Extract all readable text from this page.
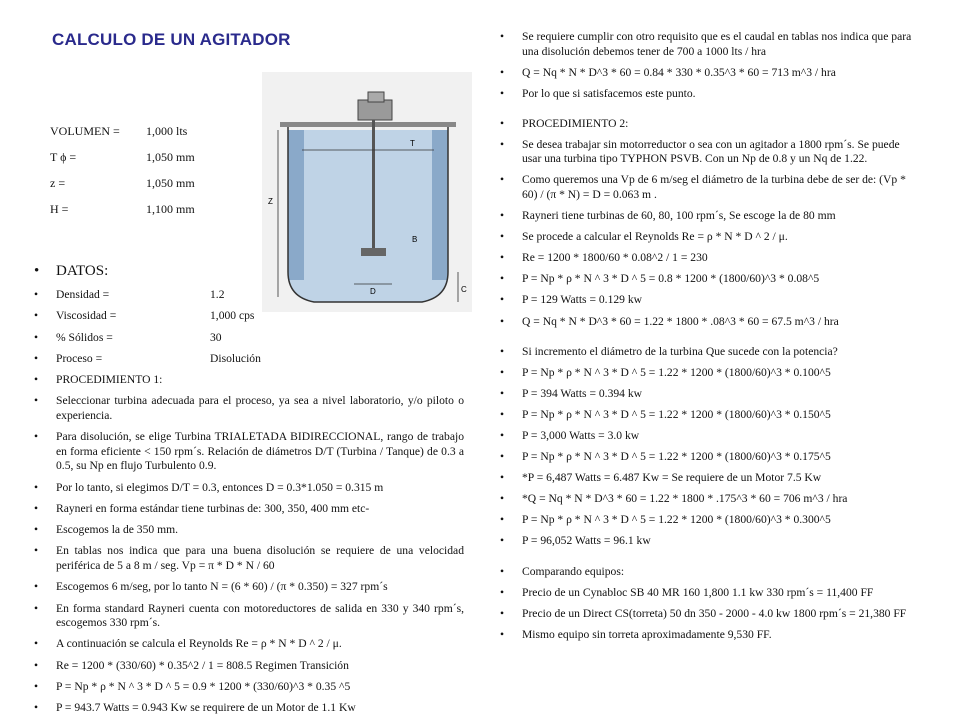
CALCULO DE UN AGITADOR
VOLUMEN =	1,000 lts
T ϕ =	1,050 mm
z =	1,050 mm
H =	1,100 mm
T
Z
B
D	C
• DATOS:
• Densidad =	1.2
• Viscosidad =	1,000 cps
• % Sólidos =	30
• Proceso =	Disolución
• PROCEDIMIENTO 1:
• Seleccionar turbina adecuada para el proceso, ya sea a nivel laboratorio, y/o piloto o experiencia.
• Para disolución, se elige Turbina TRIALETADA BIDIRECCIONAL, rango de trabajo en forma eficiente < 150 rpm´s. Relación de diámetros D/T (Turbina / Tanque) de 0.3 a 0.5, su Np en flujo Turbulento 0.9.
• Por lo tanto, si elegimos D/T = 0.3, entonces D = 0.3*1.050 = 0.315 m
• Rayneri en forma estándar tiene turbinas de: 300, 350, 400 mm etc-
• Escogemos la de 350 mm.
• En tablas nos indica que para una buena disolución se requiere de una velocidad periférica de 5 a 8 m / seg. Vp = π * D * N / 60
• Escogemos 6 m/seg, por lo tanto N = (6 * 60) / (π * 0.350) = 327 rpm´s
• En forma standard Rayneri cuenta con motoreductores de salida en 330 y 340 rpm´s, escogemos 330 rpm´s.
• A continuación se calcula el Reynolds Re = ρ * N * D ^ 2 / μ.
• Re = 1200 * (330/60) * 0.35^2 / 1 = 808.5 Regimen Transición
• P = Np * ρ * N ^ 3 * D ^ 5 = 0.9 * 1200 * (330/60)^3 * 0.35 ^5
• P = 943.7 Watts = 0.943 Kw se requirere de un Motor de 1.1 Kw
• Se requiere cumplir con otro requisito que es el caudal en tablas nos indica que para una disolución debemos tener de 700 a 1000 lts / hra
• Q = Nq * N * D^3 * 60 = 0.84 * 330 * 0.35^3 * 60 = 713 m^3 / hra
• Por lo que si satisfacemos este punto.
• PROCEDIMIENTO 2:
• Se desea trabajar sin motorreductor o sea con un agitador a 1800 rpm´s. Se puede usar una turbina tipo TYPHON PSVB. Con un Np de 0.8 y un Nq de 1.22.
• Como queremos una Vp de 6 m/seg el diámetro de la turbina debe de ser de: (Vp * 60) / (π * N) = D = 0.063 m .
• Rayneri tiene turbinas de 60, 80, 100 rpm´s, Se escoge la de 80 mm
• Se procede a calcular el Reynolds Re = ρ * N * D ^ 2 / μ.
• Re = 1200 * 1800/60 * 0.08^2 / 1 = 230
• P = Np * ρ * N ^ 3 * D ^ 5 = 0.8 * 1200 * (1800/60)^3 * 0.08^5
• P = 129 Watts = 0.129 kw
• Q = Nq * N * D^3 * 60 = 1.22 * 1800 * .08^3 * 60 = 67.5 m^3 / hra
• Si incremento el diámetro de la turbina Que sucede con la potencia?
• P = Np * ρ * N ^ 3 * D ^ 5 = 1.22 * 1200 * (1800/60)^3 * 0.100^5
• P = 394 Watts = 0.394 kw
• P = Np * ρ * N ^ 3 * D ^ 5 = 1.22 * 1200 * (1800/60)^3 * 0.150^5
• P = 3,000 Watts = 3.0 kw
• P = Np * ρ * N ^ 3 * D ^ 5 = 1.22 * 1200 * (1800/60)^3 * 0.175^5
• *P = 6,487 Watts = 6.487 Kw = Se requiere de un Motor 7.5 Kw
• *Q = Nq * N * D^3 * 60 = 1.22 * 1800 * .175^3 * 60 = 706 m^3 / hra
• P = Np * ρ * N ^ 3 * D ^ 5 = 1.22 * 1200 * (1800/60)^3 * 0.300^5
• P = 96,052 Watts = 96.1 kw
• Comparando equipos:
• Precio de un Cynabloc SB 40 MR 160 1,800 1.1 kw 330 rpm´s = 11,400 FF
• Precio de un Direct CS(torreta) 50 dn 350 - 2000 - 4.0 kw 1800 rpm´s = 21,380 FF
• Mismo equipo sin torreta aproximadamente 9,530 FF.
